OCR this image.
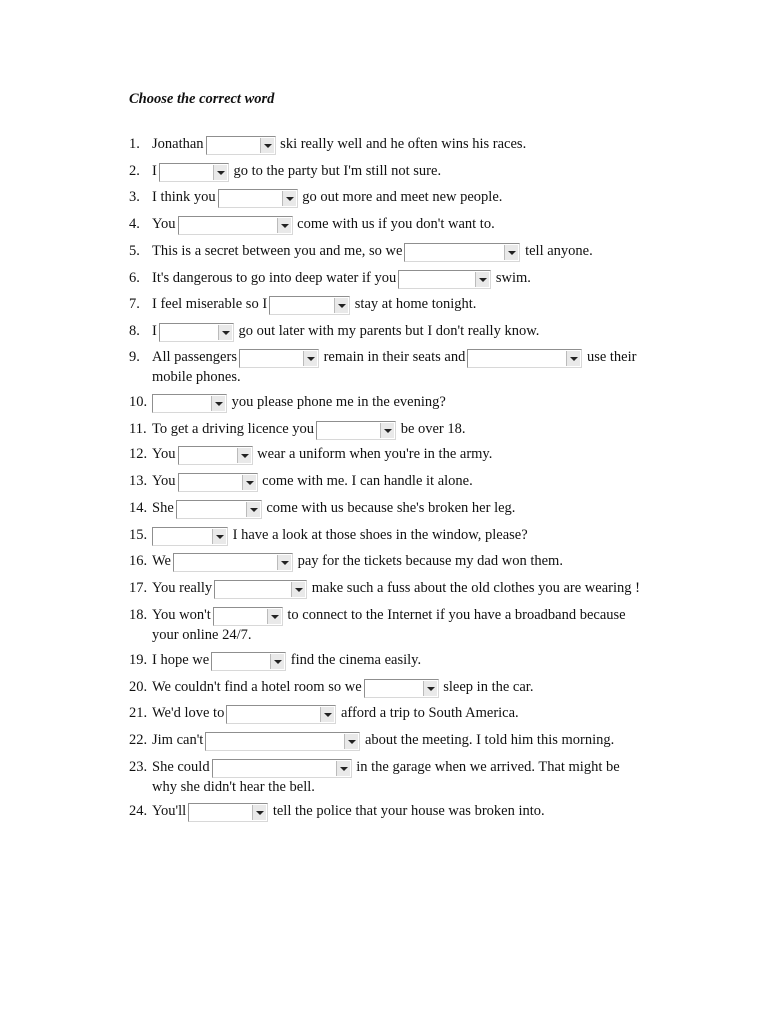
Choose the correct word
1. Jonathan	ski really well and he often wins his races.
2. I	go to the party but I'm still not sure.
3. I think you	go out more and meet new people.
4. You	come with us if you don't want to.
5. This is a secret between you and me, so we	tell anyone.
6. It's dangerous to go into deep water if you	swim.
7. I feel miserable so I	stay at home tonight.
8. I	go out later with my parents but I don't really know.
9. All passengers	remain in their seats and	use their
mobile phones.
10.	you please phone me in the evening?
11. To get a driving licence you	be over 18.
12. You	wear a uniform when you're in the army.
13. You	come with me. I can handle it alone.
14. She	come with us because she's broken her leg.
15.	I have a look at those shoes in the window, please?
16. We	pay for the tickets because my dad won them.
17. You really	make such a fuss about the old clothes you are wearing !
18. You won't	to connect to the Internet if you have a broadband because
your online 24/7.
19. I hope we	find the cinema easily.
20. We couldn't find a hotel room so we	sleep in the car.
21. We'd love to	afford a trip to South America.
22. Jim can't	about the meeting. I told him this morning.
23. She could	in the garage when we arrived. That might be
why she didn't hear the bell.
24. You'll	tell the police that your house was broken into.
